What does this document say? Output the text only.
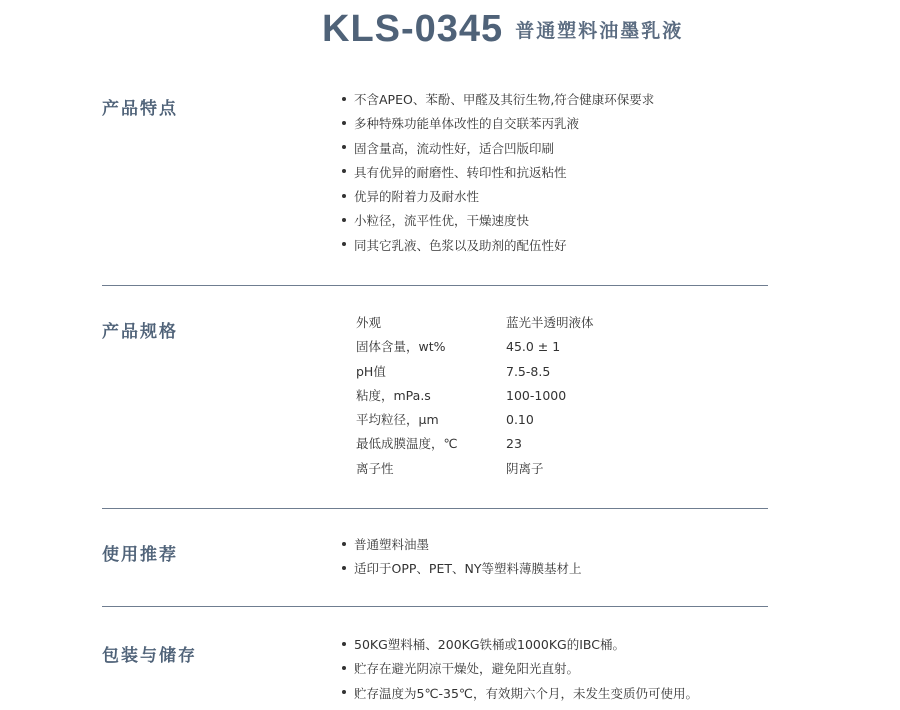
KLS-0345 普通塑料油墨乳液
产品特点	不含APEO、苯酚、甲醛及其衍生物,符合健康环保要求
多种特殊功能单体改性的自交联苯丙乳液
固含量高，流动性好，适合凹版印刷
具有优异的耐磨性、转印性和抗返粘性
优异的附着力及耐水性
小粒径，流平性优，干燥速度快
同其它乳液、色浆以及助剂的配伍性好
产品规格	外观	蓝光半透明液体
固体含量，wt%	45.0 ± 1
pH值	7.5-8.5
粘度，mPa.s	100-1000
平均粒径，μm	0.10
最低成膜温度，℃	23
离子性	阴离子
使用推荐
普通塑料油墨
适印于OPP、PET、NY等塑料薄膜基材上
包装与储存
50KG塑料桶、200KG铁桶或1000KG的IBC桶。
贮存在避光阴凉干燥处，避免阳光直射。
贮存温度为5℃-35℃，有效期六个月，未发生变质仍可使用。
